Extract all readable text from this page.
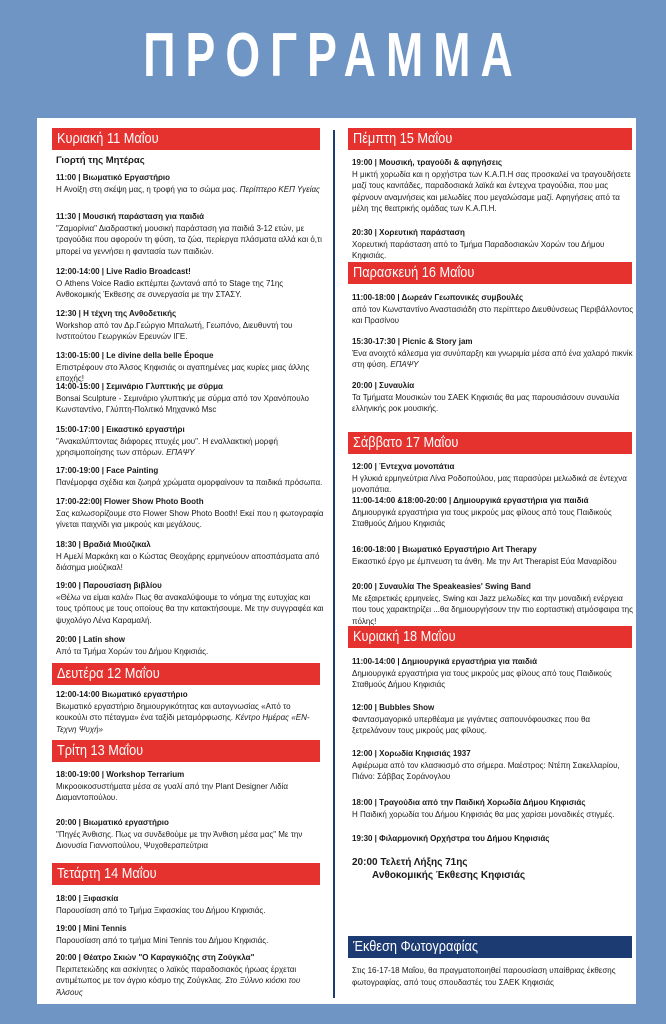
ΠΡΟΓΡΑΜΜΑ
Κυριακή 11 Μαΐου
Γιορτή της Μητέρας
11:00 | Βιωματικό Εργαστήριο
Η Ανοίξη στη σκέψη μας, η τροφή για το σώμα μας. Περίπτερο ΚΕΠ Υγείας
11:30 | Μουσική παράσταση για παιδιά
"Ζαμορίνια" Διαδραστική μουσική παράσταση για παιδιά 3-12 ετών, με τραγούδια που αφορούν τη φύση, τα ζώα, περίεργα πλάσματα αλλά και ό,τι μπορεί να γεννήσει η φαντασία των παιδιών.
12:00-14:00 | Live Radio Broadcast!
Ο Athens Voice Radio εκπέμπει ζωντανά από το Stage της 71ης Ανθοκομικής Έκθεσης σε συνεργασία με την ΣΤΑΣΥ.
12:30 | Η τέχνη της Ανθοδετικής
Workshop από τον Δρ.Γεώργιο Μπαλωτή, Γεωπόνο, Διευθυντή του Ινστιτούτου Γεωργικών Ερευνών ΙΓΕ.
13:00-15:00 | Le divine della belle Époque
Επιστρέφουν στο Άλσος Κηφισιάς οι αγαπημένες μας κυρίες μιας άλλης εποχής!
14:00-15:00 | Σεμινάριο Γλυπτικής με σύρμα
Bonsai Sculpture - Σεμινάριο γλυπτικής με σύρμα από τον Χρανόπουλο Κωνσταντίνο, Γλύπτη-Πολιτικό Μηχανικό Msc
15:00-17:00 | Εικαστικό εργαστήρι
"Ανακαλύπτοντας διάφορες πτυχές μου". Η εναλλακτική μορφή χρησιμοποίησης των σπόρων. ΕΠΑΨΥ
17:00-19:00 | Face Painting
Πανέμορφα σχέδια και ζωηρά χρώματα ομορφαίνουν τα παιδικά πρόσωπα.
17:00-22:00| Flower Show Photo Booth
Σας καλωσορίζουμε στο Flower Show Photo Booth! Εκεί που η φωτογραφία γίνεται παιχνίδι για μικρούς και μεγάλους.
18:30 | Βραδιά Μιούζικαλ
Η Αμελί Μαρκάκη και ο Κώστας Θεοχάρης ερμηνεύουν αποσπάσματα από διάσημα μιούζικαλ!
19:00 | Παρουσίαση βιβλίου
«Θέλω να είμαι καλά» Πως θα ανακαλύψουμε το νόημα της ευτυχίας και τους τρόπους με τους οποίους θα την κατακτήσουμε. Με την συγγραφέα και ψυχολόγο Λένα Καραμαλή.
20:00 | Latin show
Από τα Τμήμα Χορών του Δήμου Κηφισιάς.
Δευτέρα 12 Μαΐου
12:00-14:00 Βιωματικό εργαστήριο
Βιωματικό εργαστήριο δημιουργικότητας και αυτογνωσίας «Από το κουκούλι στο πέταγμα» ένα ταξίδι μεταμόρφωσης. Κέντρο Ημέρας «ΕΝ-Τεχνη Ψυχή»
Τρίτη 13 Μαΐου
18:00-19:00 | Workshop Terrarium
Μικροοικοσυστήματα μέσα σε γυαλί από την Plant Designer Λιδία Διαμαντοπούλου.
20:00 | Βιωματικό εργαστήριο
"Πηγές Άνθισης. Πως να συνδεθούμε με την Άνθιση μέσα μας" Με την Διονυσία Γιαννοπούλου, Ψυχοθεραπεύτρια
Τετάρτη 14 Μαΐου
18:00 | Ξιφασκία
Παρουσίαση από το Τμήμα Ξιφασκίας του Δήμου Κηφισιάς.
19:00 | Mini Tennis
Παρουσίαση από το τμήμα Mini Tennis του Δήμου Κηφισιάς.
20:00 | Θέατρο Σκιών "Ο Καραγκιόζης στη Ζούγκλα"
Περιπετειώδης και ασκίνητες ο λαϊκός παραδοσιακός ήρωας έρχεται αντιμέτωπος με τον άγριο κόσμο της Ζούγκλας. Στο Ξύλινο κιόσκι του Άλσους
Πέμπτη 15 Μαΐου
19:00 | Μουσική, τραγούδι & αφηγήσεις
Η μικτή χορωδία και η ορχήστρα των Κ.Α.Π.Η σας προσκαλεί να τραγουδήσετε μαζί τους κανιτάδες, παραδοσιακά λαϊκά και έντεχνα τραγούδια, που μας φέρνουν αναμνήσεις και μελωδίες που μεγαλώσαμε μαζί. Αφηγήσεις από τα μέλη της θεατρικής ομάδας των Κ.Α.Π.Η.
20:30 | Χορευτική παράσταση
Χορευτική παράσταση από το Τμήμα Παραδοσιακών Χορών του Δήμου Κηφισιάς.
Παρασκευή 16 Μαΐου
11:00-18:00 | Δωρεάν Γεωπονικές συμβουλές
από τον Κωνσταντίνο Αναστασιάδη στο περίπτερο Διευθύνσεως Περιβάλλοντος και Πρασίνου
15:30-17:30 | Picnic & Story jam
Ένα ανοιχτό κάλεσμα για συνύπαρξη και γνωριμία μέσα από ένα χαλαρό πικνίκ στη φύση. ΕΠΑΨΥ
20:00 | Συναυλία
Τα Τμήματα Μουσικών του ΣΑΕΚ Κηφισιάς θα μας παρουσιάσουν συναυλία ελληνικής ροκ μουσικής.
Σάββατο 17 Μαΐου
12:00 | Έντεχνα μονοπάτια
Η γλυκιά ερμηνεύτρια Λίνα Ροδοπούλου, μας παρασύρει μελωδικά σε έντεχνα μονοπάτια.
11:00-14:00 &18:00-20:00 | Δημιουργικά εργαστήρια για παιδιά
Δημιουργικά εργαστήρια για τους μικρούς μας φίλους από τους Παιδικούς Σταθμούς Δήμου Κηφισιάς
16:00-18:00 | Βιωματικό Εργαστήριο Art Therapy
Εικαστικό έργο με έμπνευση τα άνθη. Με την Art Therapist Εύα Μαναρίδου
20:00 | Συναυλία The Speakeasies' Swing Band
Με εξαιρετικές ερμηνείες, Swing και Jazz μελωδίες και την μοναδική ενέργεια που τους χαρακτηρίζει ...θα δημιουργήσουν την πιο εορταστική ατμόσφαιρα της πόλης!
Κυριακή 18 Μαΐου
11:00-14:00 | Δημιουργικά εργαστήρια για παιδιά
Δημιουργικά εργαστήρια για τους μικρούς μας φίλους από τους Παιδικούς Σταθμούς Δήμου Κηφισιάς
12:00 | Bubbles Show
Φαντασμαγορικό υπερθέαμα με γιγάντιες σαπουνόφουσκες που θα ξετρελάνουν τους μικρούς μας φίλους.
12:00 | Χορωδία Κηφισιάς 1937
Αφιέρωμα από τον κλασικισμό στο σήμερα. Μαέστρος: Ντέπη Σακελλαρίου, Πιάνο: Σάββας Σοράνογλου
18:00 | Τραγούδια από την Παιδική Χορωδία Δήμου Κηφισιάς
Η Παιδική χορωδία του Δήμου Κηφισιάς θα μας χαρίσει μοναδικές στιγμές.
19:30 | Φιλαρμονική Ορχήστρα του Δήμου Κηφισιάς
20:00 Τελετή Λήξης 71ης
Ανθοκομικής Έκθεσης Κηφισιάς
Έκθεση Φωτογραφίας
Στις 16-17-18 Μαΐου, θα πραγματοποιηθεί παρουσίαση υπαίθριας έκθεσης φωτογραφίας, από τους σπουδαστές του ΣΑΕΚ Κηφισιάς
